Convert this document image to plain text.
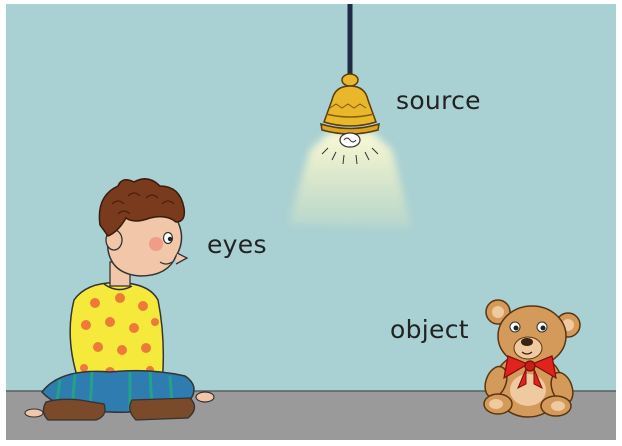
source
eyes
object
